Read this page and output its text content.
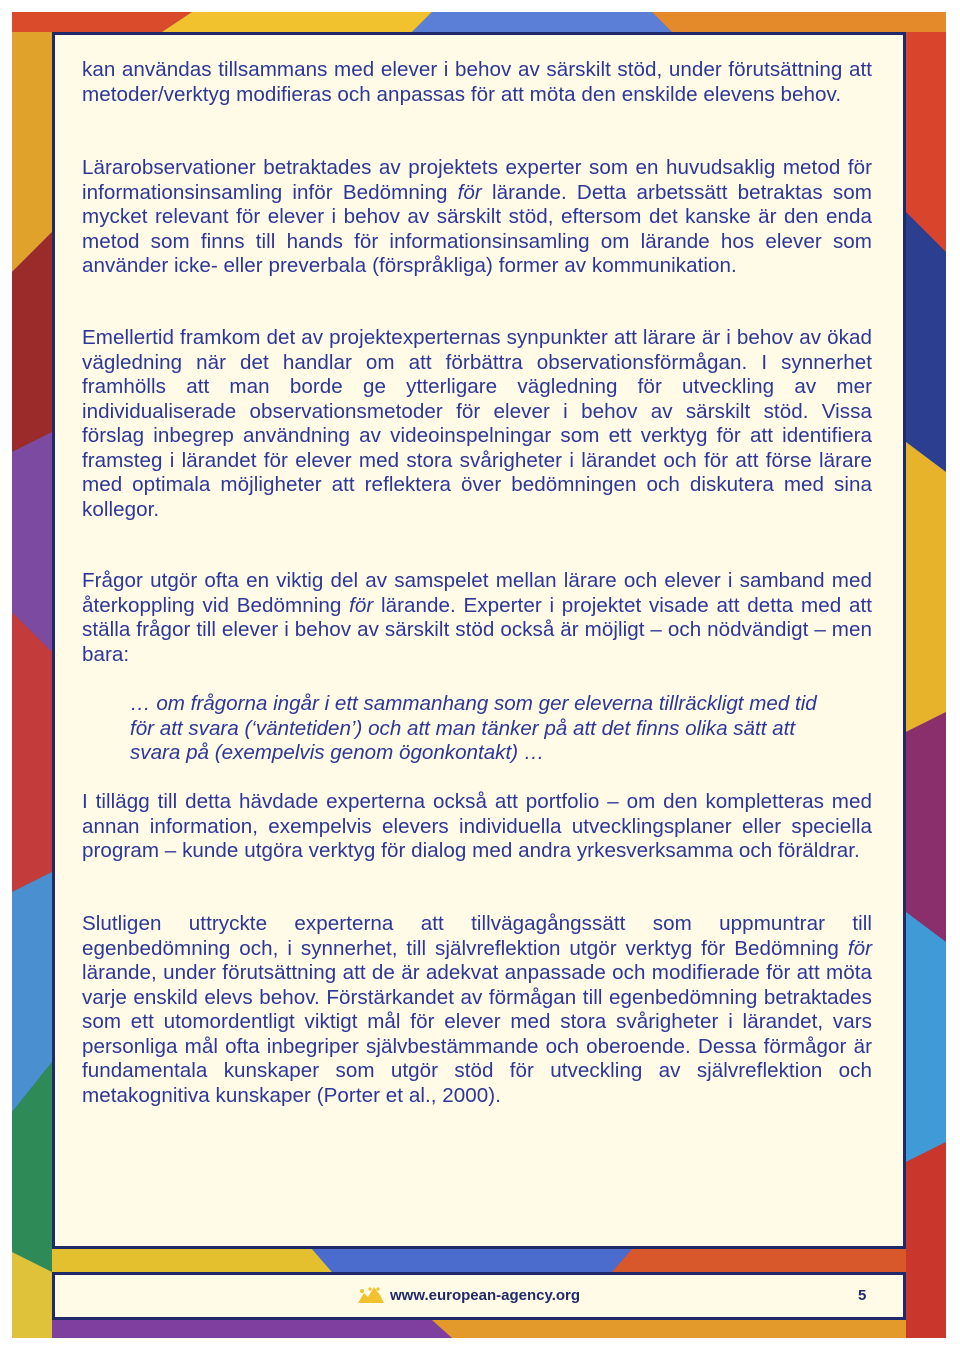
kan användas tillsammans med elever i behov av särskilt stöd, under förutsättning att metoder/verktyg modifieras och anpassas för att möta den enskilde elevens behov.

Lärarobservationer betraktades av projektets experter som en huvudsaklig metod för informationsinsamling inför Bedömning för lärande. Detta arbetssätt betraktas som mycket relevant för elever i behov av särskilt stöd, eftersom det kanske är den enda metod som finns till hands för informationsinsamling om lärande hos elever som använder icke- eller preverbala (förspråkliga) former av kommunikation.

Emellertid framkom det av projektexperternas synpunkter att lärare är i behov av ökad vägledning när det handlar om att förbättra observationsförmågan. I synnerhet framhölls att man borde ge ytterligare vägledning för utveckling av mer individualiserade observationsmetoder för elever i behov av särskilt stöd. Vissa förslag inbegrep användning av videoinspelningar som ett verktyg för att identifiera framsteg i lärandet för elever med stora svårigheter i lärandet och för att förse lärare med optimala möjligheter att reflektera över bedömningen och diskutera med sina kollegor.

Frågor utgör ofta en viktig del av samspelet mellan lärare och elever i samband med återkoppling vid Bedömning för lärande. Experter i projektet visade att detta med att ställa frågor till elever i behov av särskilt stöd också är möjligt – och nödvändigt – men bara:

… om frågorna ingår i ett sammanhang som ger eleverna tillräckligt med tid för att svara (‘väntetiden’) och att man tänker på att det finns olika sätt att svara på (exempelvis genom ögonkontakt) …

I tillägg till detta hävdade experterna också att portfolio – om den kompletteras med annan information, exempelvis elevers individuella utvecklingsplaner eller speciella program – kunde utgöra verktyg för dialog med andra yrkesverksamma och föräldrar.

Slutligen uttryckte experterna att tillvägagångssätt som uppmuntrar till egenbedömning och, i synnerhet, till självreflektion utgör verktyg för Bedömning för lärande, under förutsättning att de är adekvat anpassade och modifierade för att möta varje enskild elevs behov. Förstärkandet av förmågan till egenbedömning betraktades som ett utomordentligt viktigt mål för elever med stora svårigheter i lärandet, vars personliga mål ofta inbegriper självbestämmande och oberoende. Dessa förmågor är fundamentala kunskaper som utgör stöd för utveckling av självreflektion och metakognitiva kunskaper (Porter et al., 2000).

www.european-agency.org	5
